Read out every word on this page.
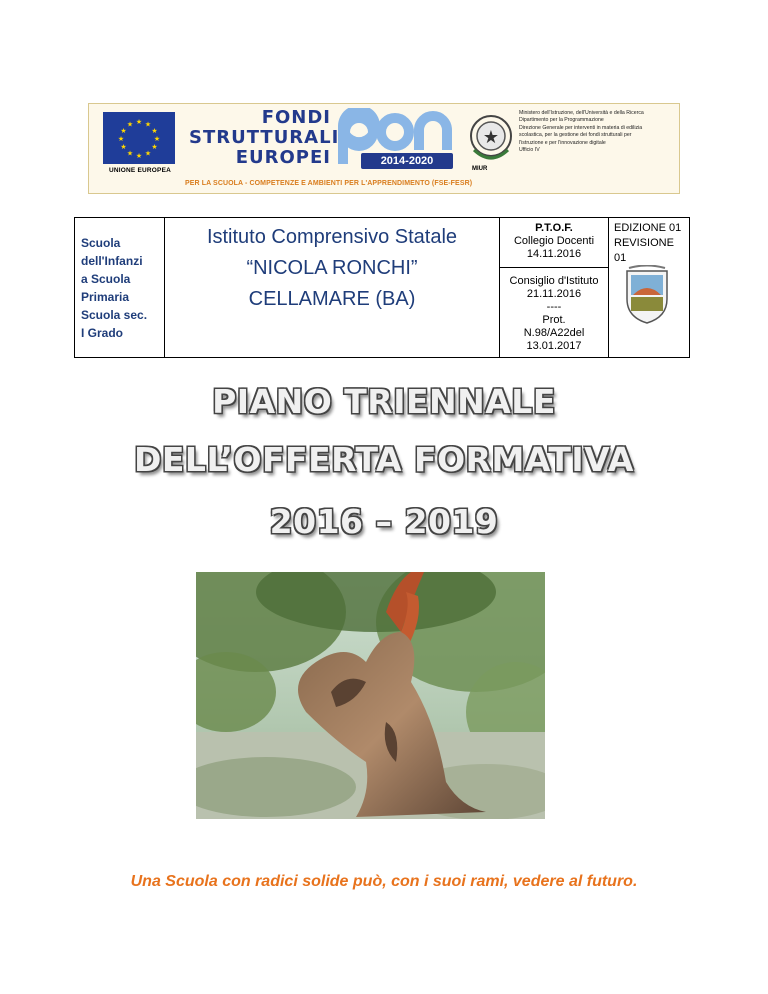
★ ★
★
★
★
★
★
★
★
★
★
★
UNIONE EUROPEA
FONDI
STRUTTURALI
EUROPEI	2014-2020
★
MIUR
Ministero dell'Istruzione, dell'Università e della Ricerca
Dipartimento per la Programmazione
Direzione Generale per interventi in materia di edilizia
scolastica, per la gestione dei fondi strutturali per
l'istruzione e per l'innovazione digitale
Ufficio IV
PER LA SCUOLA - COMPETENZE E AMBIENTI PER L'APPRENDIMENTO (FSE-FESR)
Scuola
dell'Infanzi
a Scuola
Primaria
Scuola sec.
I Grado

Istituto Comprensivo Statale
“NICOLA RONCHI”
CELLAMARE (BA)

P.T.O.F.
Collegio Docenti
14.11.2016
Consiglio d'Istituto
21.11.2016
----
Prot.
N.98/A22del
13.01.2017

EDIZIONE 01
REVISIONE 01
PIANO TRIENNALE
DELL’OFFERTA FORMATIVA
2016 – 2019
Una Scuola con radici solide può, con i suoi rami, vedere al futuro.
